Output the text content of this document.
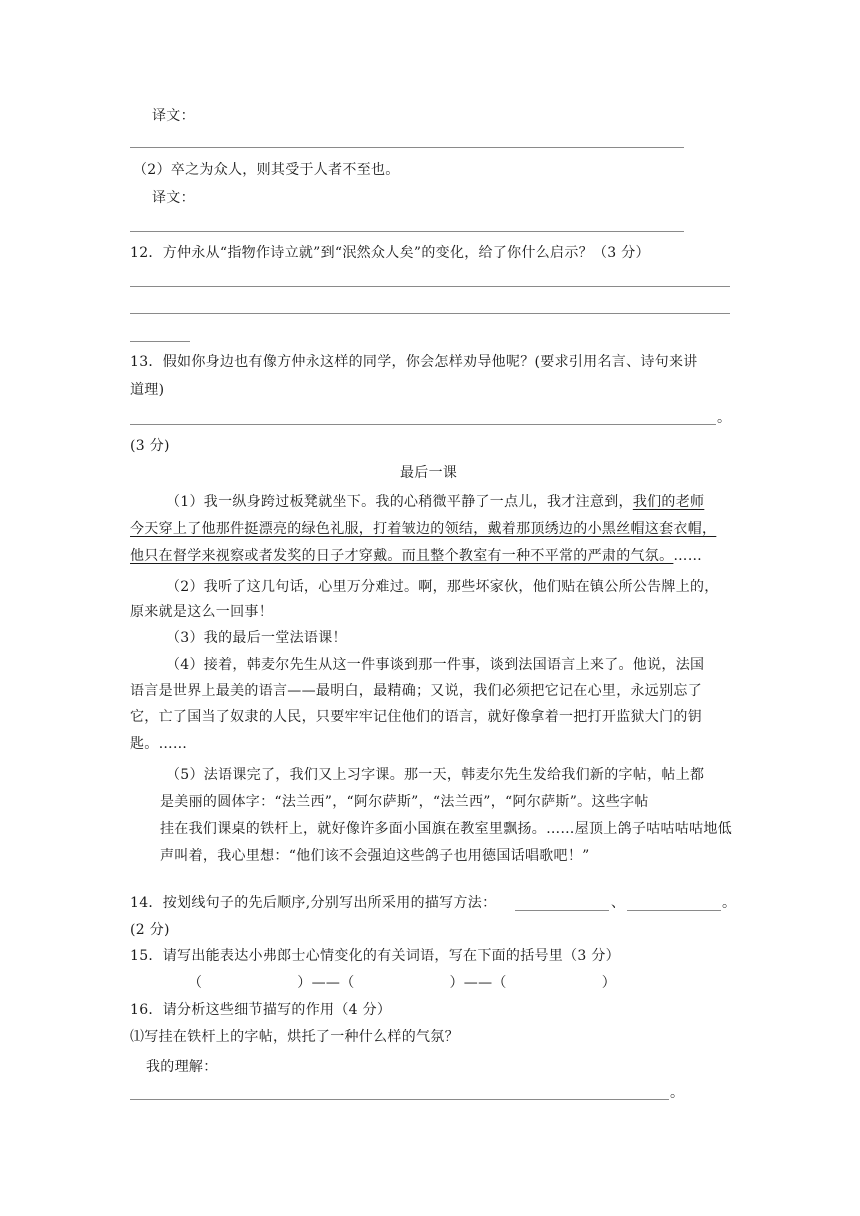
译文：
（2）卒之为众人，则其受于人者不至也。
译文：
12．方仲永从“指物作诗立就”到“泯然众人矣”的变化，给了你什么启示？（3 分）
13．假如你身边也有像方仲永这样的同学，你会怎样劝导他呢？(要求引用名言、诗句来讲
道理)
。
(3 分)
最后一课
（1）我一纵身跨过板凳就坐下。我的心稍微平静了一点儿，我才注意到，我们的老师
今天穿上了他那件挺漂亮的绿色礼服，打着皱边的领结，戴着那顶绣边的小黑丝帽这套衣帽，
他只在督学来视察或者发奖的日子才穿戴。而且整个教室有一种不平常的严肃的气氛。……
（2）我听了这几句话，心里万分难过。啊，那些坏家伙，他们贴在镇公所公告牌上的，
原来就是这么一回事！
（3）我的最后一堂法语课！
（4）接着，韩麦尔先生从这一件事谈到那一件事，谈到法国语言上来了。他说，法国
语言是世界上最美的语言——最明白，最精确；又说，我们必须把它记在心里，永远别忘了
它，亡了国当了奴隶的人民，只要牢牢记住他们的语言，就好像拿着一把打开监狱大门的钥
匙。……
（5）法语课完了，我们又上习字课。那一天，韩麦尔先生发给我们新的字帖，帖上都
是美丽的圆体字：“法兰西”，“阿尔萨斯”，“法兰西”，“阿尔萨斯”。这些字帖
挂在我们课桌的铁杆上，就好像许多面小国旗在教室里飘扬。……屋顶上鸽子咕咕咕咕地低
声叫着，我心里想：“他们该不会强迫这些鸽子也用德国话唱歌吧！”
14．按划线句子的先后顺序,分别写出所采用的描写方法：	、	。
(2 分)
15．请写出能表达小弗郎士心情变化的有关词语，写在下面的括号里（3 分）
（                    ）——（                    ）——（                    ）
16．请分析这些细节描写的作用（4 分）
⑴写挂在铁杆上的字帖，烘托了一种什么样的气氛？
我的理解：
。
